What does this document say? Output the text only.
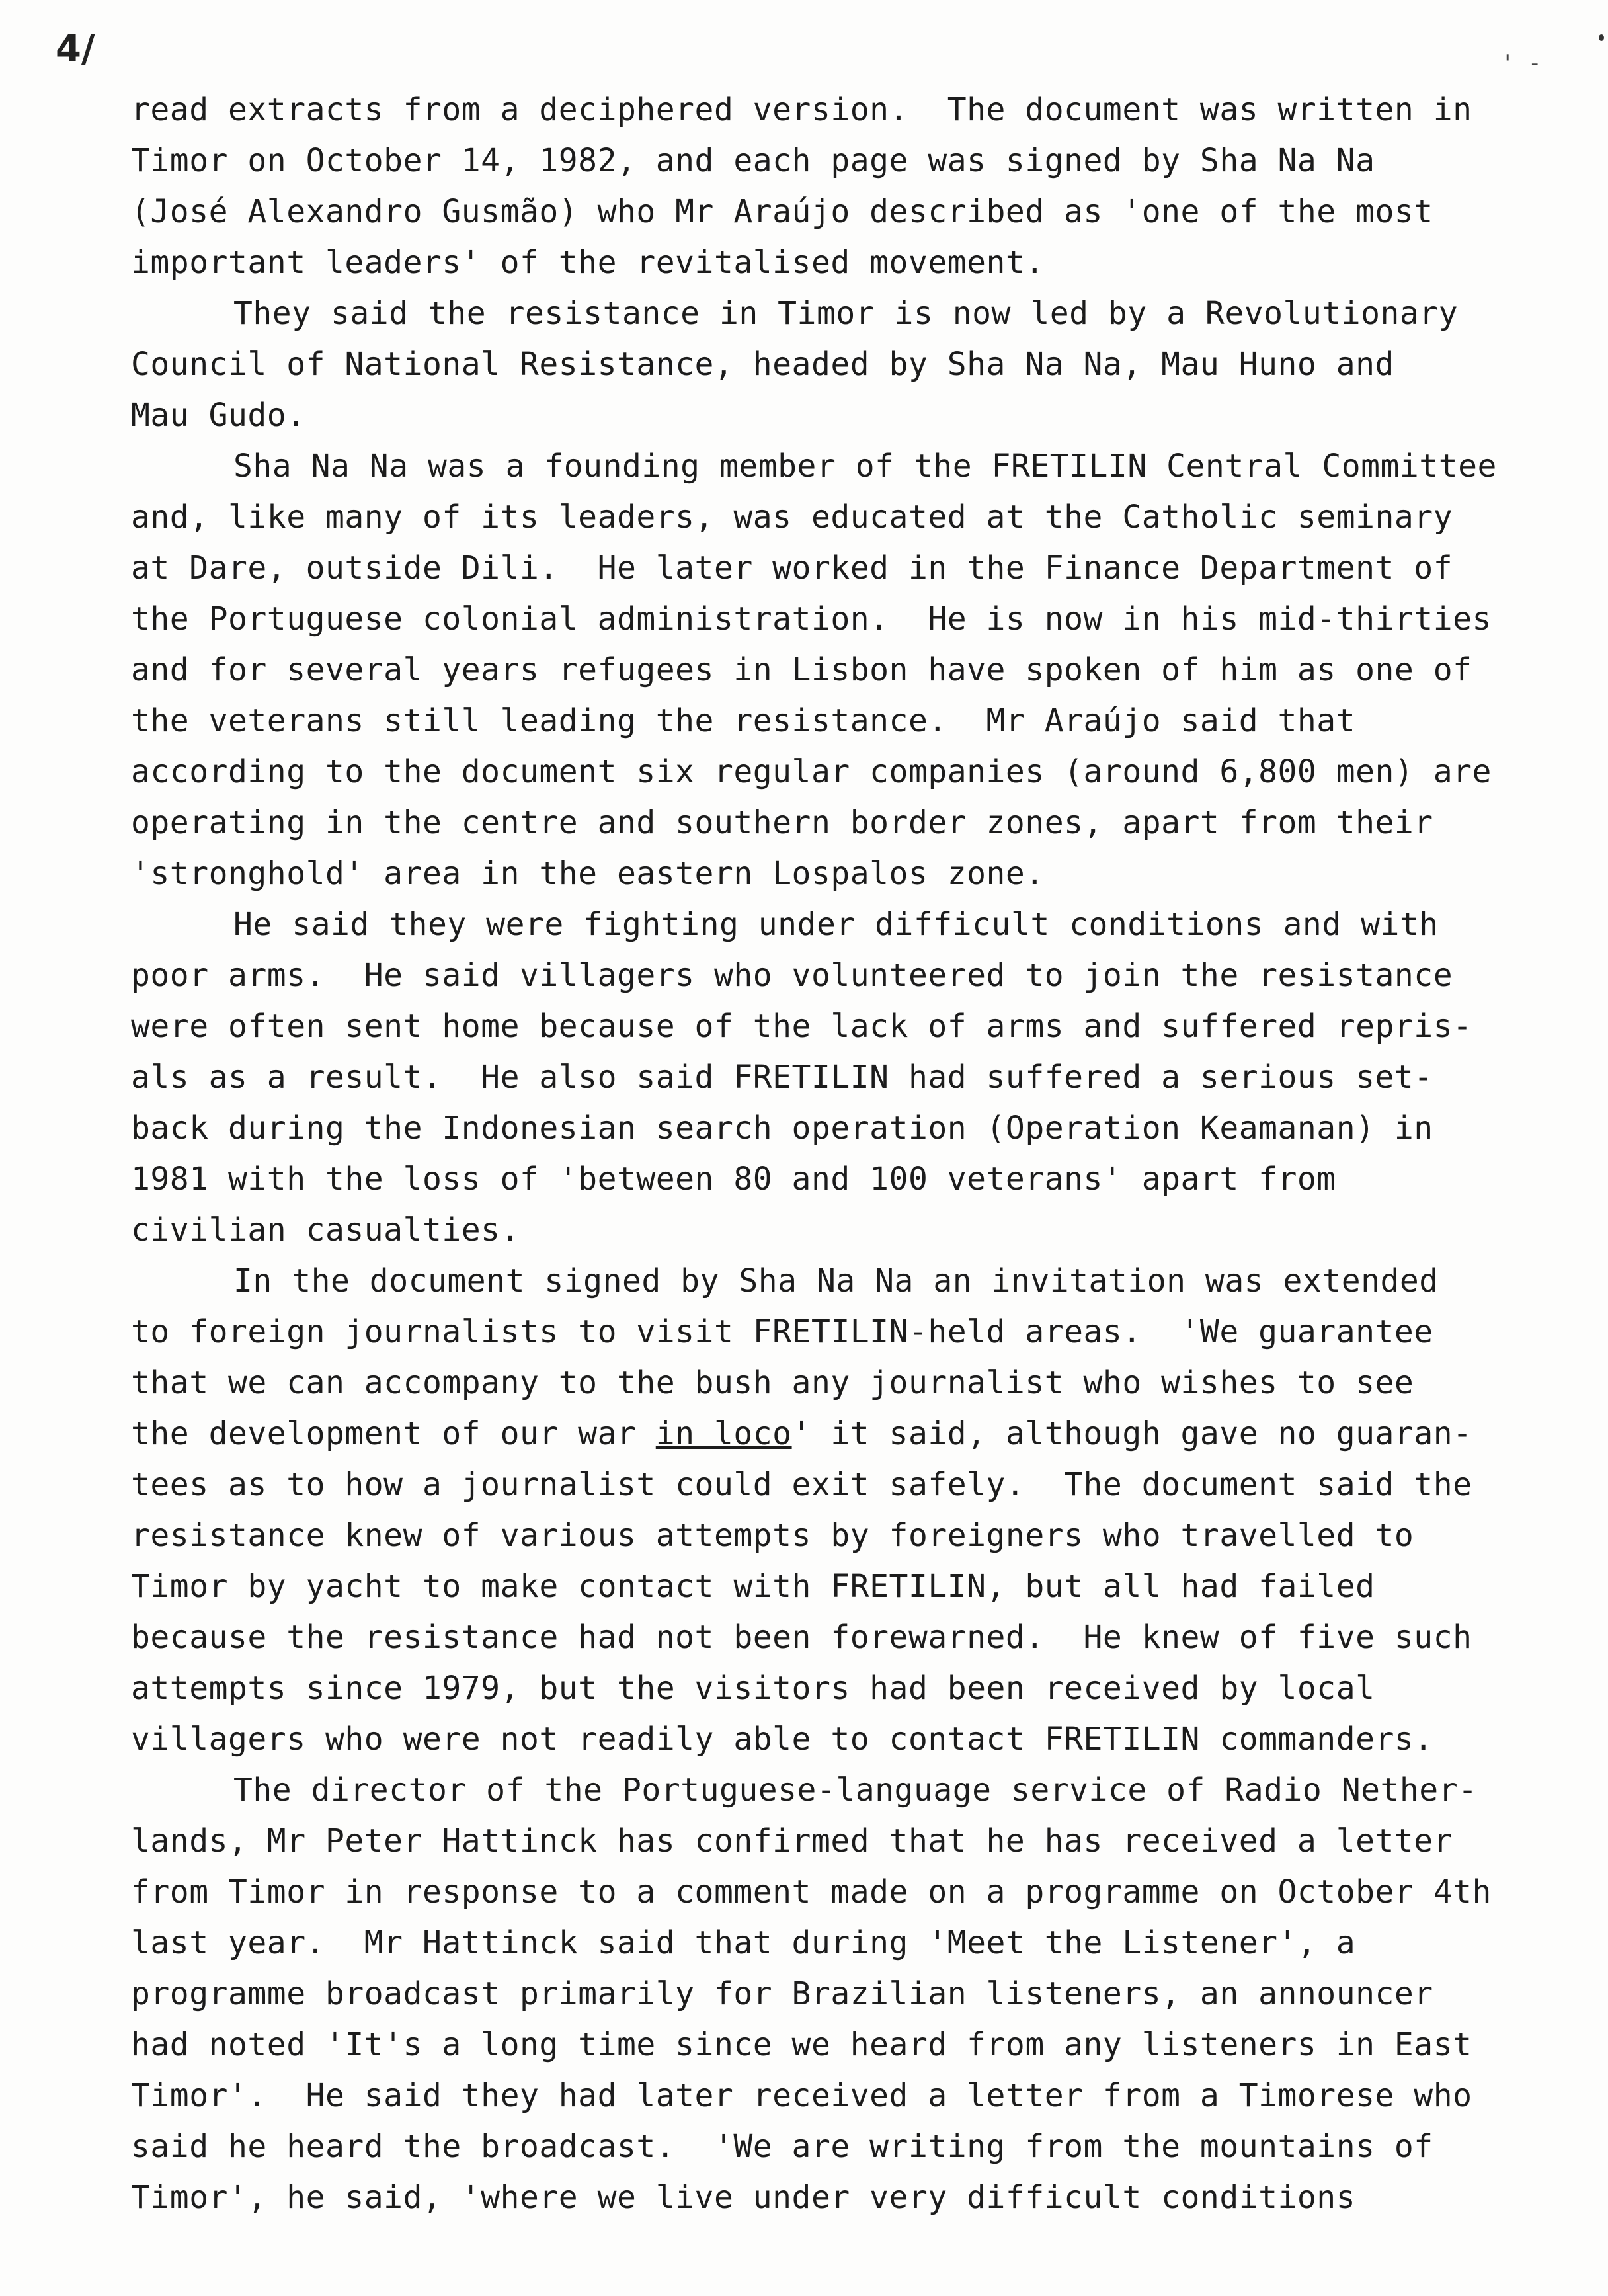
4/	' -
read extracts from a deciphered version.  The document was written in
Timor on October 14, 1982, and each page was signed by Sha Na Na
(José Alexandro Gusmão) who Mr Araújo described as 'one of the most
important leaders' of the revitalised movement.
They said the resistance in Timor is now led by a Revolutionary
Council of National Resistance, headed by Sha Na Na, Mau Huno and
Mau Gudo.
Sha Na Na was a founding member of the FRETILIN Central Committee
and, like many of its leaders, was educated at the Catholic seminary
at Dare, outside Dili.  He later worked in the Finance Department of
the Portuguese colonial administration.  He is now in his mid-thirties
and for several years refugees in Lisbon have spoken of him as one of
the veterans still leading the resistance.  Mr Araújo said that
according to the document six regular companies (around 6,800 men) are
operating in the centre and southern border zones, apart from their
'stronghold' area in the eastern Lospalos zone.
He said they were fighting under difficult conditions and with
poor arms.  He said villagers who volunteered to join the resistance
were often sent home because of the lack of arms and suffered repris-
als as a result.  He also said FRETILIN had suffered a serious set-
back during the Indonesian search operation (Operation Keamanan) in
1981 with the loss of 'between 80 and 100 veterans' apart from
civilian casualties.
In the document signed by Sha Na Na an invitation was extended
to foreign journalists to visit FRETILIN-held areas.  'We guarantee
that we can accompany to the bush any journalist who wishes to see
the development of our war in loco' it said, although gave no guaran-
tees as to how a journalist could exit safely.  The document said the
resistance knew of various attempts by foreigners who travelled to
Timor by yacht to make contact with FRETILIN, but all had failed
because the resistance had not been forewarned.  He knew of five such
attempts since 1979, but the visitors had been received by local
villagers who were not readily able to contact FRETILIN commanders.
The director of the Portuguese-language service of Radio Nether-
lands, Mr Peter Hattinck has confirmed that he has received a letter
from Timor in response to a comment made on a programme on October 4th
last year.  Mr Hattinck said that during 'Meet the Listener', a
programme broadcast primarily for Brazilian listeners, an announcer
had noted 'It's a long time since we heard from any listeners in East
Timor'.  He said they had later received a letter from a Timorese who
said he heard the broadcast.  'We are writing from the mountains of
Timor', he said, 'where we live under very difficult conditions
